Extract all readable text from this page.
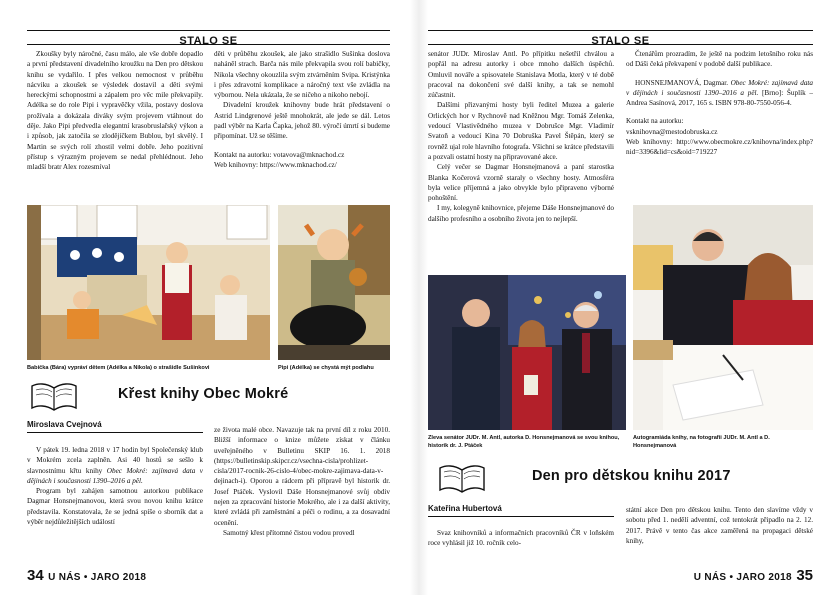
STALO SE

Zkoušky byly náročné, času málo, ale vše dobře dopadlo a první představení divadelního kroužku na Den pro dětskou knihu se vydařilo. I přes velkou nemocnost v průběhu nácviku a zkoušek se výsledek dostavil a děti svými hereckými schopnostmi a zápalem pro věc mile překvapily. Adélka se do role Pipi i vypravěčky vžila, postavy doslova prožívala a dokázala diváky svým projevem vtáhnout do děje. Jako Pipi předvedla elegantní krasobruslařský výkon a i způsob, jak zatočila se zlodějíčkem Bublou, byl skvělý. I Martin se svých rolí zhostil velmi dobře. Jeho pozitivní přístup s výrazným projevem se nedal přehlédnout. Jeho mladší bratr Alex rozesmíval

děti v průběhu zkoušek, ale jako strašidlo Sušinka doslova naháněl strach. Barča nás mile překvapila svou rolí babičky, Nikola všechny okouzlila svým ztvárněním Svipa. Kristýnka i přes zdravotní komplikace a náročný text vše zvládla na výbornou. Nela ukázala, že se ničeho a nikoho nebojí.

Divadelní kroužek knihovny bude hrát představení o Astrid Lindgrenové ještě mnohokrát, ale jede se dál. Letos padl výběr na Karla Čapka, jehož 80. výročí úmrtí si budeme připomínat. Už se těšíme.

Kontakt na autorku: votavova@mknachod.cz

Web knihovny: https://www.mknachod.cz/

Babička (Bára) vypráví dětem (Adélka a Nikola) o strašidle Sušinkovi	Pipi (Adélka) se chystá mýt podlahu
Křest knihy Obec Mokré
Miroslava Cvejnová

V pátek 19. ledna 2018 v 17 hodin byl Společenský klub v Mokrém zcela zaplněn. Asi 40 hostů se sešlo k slavnostnímu křtu knihy Obec Mokré: zajímavá data v dějinách i současnosti 1390–2016 a pěl.

Program byl zahájen samotnou autorkou publikace Dagmar Honsnejmanovou, která svou novou knihu krátce představila. Konstatovala, že se jedná spíše o sborník dat a výběr nejdůležitějších událostí

ze života malé obce. Navazuje tak na první díl z roku 2010. Bližší informace o knize můžete získat v článku uveřejněného v Bulletinu SKIP 16. 1. 2018 (https://bulletinskip.skipcr.cz/vsechna-cisla/prohlizet-cisla/2017-rocnik-26-cislo-4/obec-mokre-zajimava-data-v-dejinach-i). Oporou a rádcem při přípravě byl historik dr. Josef Ptáček. Vyslovil Dáše Honsnejmanové svůj obdiv nejen za zpracování historie Mokrého, ale i za další aktivity, které zvládá při zaměstnání a péči o rodinu, a za dosavadní ocenění.

Samotný křest přítomné čistou vodou provedl

34 U NÁS • JARO 2018
STALO SE

senátor JUDr. Miroslav Antl. Po přípitku nešetřil chválou a popřál na adresu autorky i obce mnoho dalších úspěchů. Omluvil nováře a spisovatele Stanislava Motla, který v té době pracoval na dokončení své další knihy, a tak se nemohl zúčastnit.

Dalšími přizvanými hosty byli ředitel Muzea a galerie Orlických hor v Rychnově nad Kněžnou Mgr. Tomáš Zelenka, vedoucí Vlastivědného muzea v Dobrušce Mgr. Vladimír Svatoň a vedoucí Kina 70 Dobruška Pavel Štěpán, který se rovněž ujal role hlavního fotografa. Všichni se krátce představili a pozvali ostatní hosty na připravované akce.

Celý večer se Dagmar Honsnejmanová a paní starostka Blanka Kočerová vzorně staraly o všechny hosty. Atmosféra byla velice příjemná a jako obvykle bylo připraveno výborné pohoštění.

I my, kolegyně knihovnice, přejeme Dáše Honsnejmanové do dalšího profesního a osobního života jen to nejlepší.

Čtenářům prozradím, že ještě na podzim letošního roku nás od Dáši čeká překvapení v podobě další publikace.

HONSNEJMANOVÁ, Dagmar. Obec Mokré: zajímavá data v dějinách i současnosti 1390–2016 a pěl. [Brno]: Šuplík – Andrea Sasínová, 2017, 165 s. ISBN 978-80-7550-056-4.

Kontakt na autorku:

vsknihovna@mestodobruska.cz

Web knihovny: http://www.obecmokre.cz/knihovna/index.php?nid=3396&lid=cs&oid=719227

Zleva senátor JUDr. M. Antl, autorka D. Honsnejmanová se svou knihou, historik dr. J. Ptáček
Autogramiáda knihy, na fotografii JUDr. M. Antl a D. Honsnejmanová
Den pro dětskou knihu 2017
Kateřina Hubertová

Svaz knihovníků a informačních pracovníků ČR v loňském roce vyhlásil již 10. ročník celo-

státní akce Den pro dětskou knihu. Tento den slavíme vždy v sobotu před 1. nedělí adventní, což tentokrát připadlo na 2. 12. 2017. Právě v tento čas akce zaměřená na propagaci dětské knihy,

U NÁS • JARO 2018 35
